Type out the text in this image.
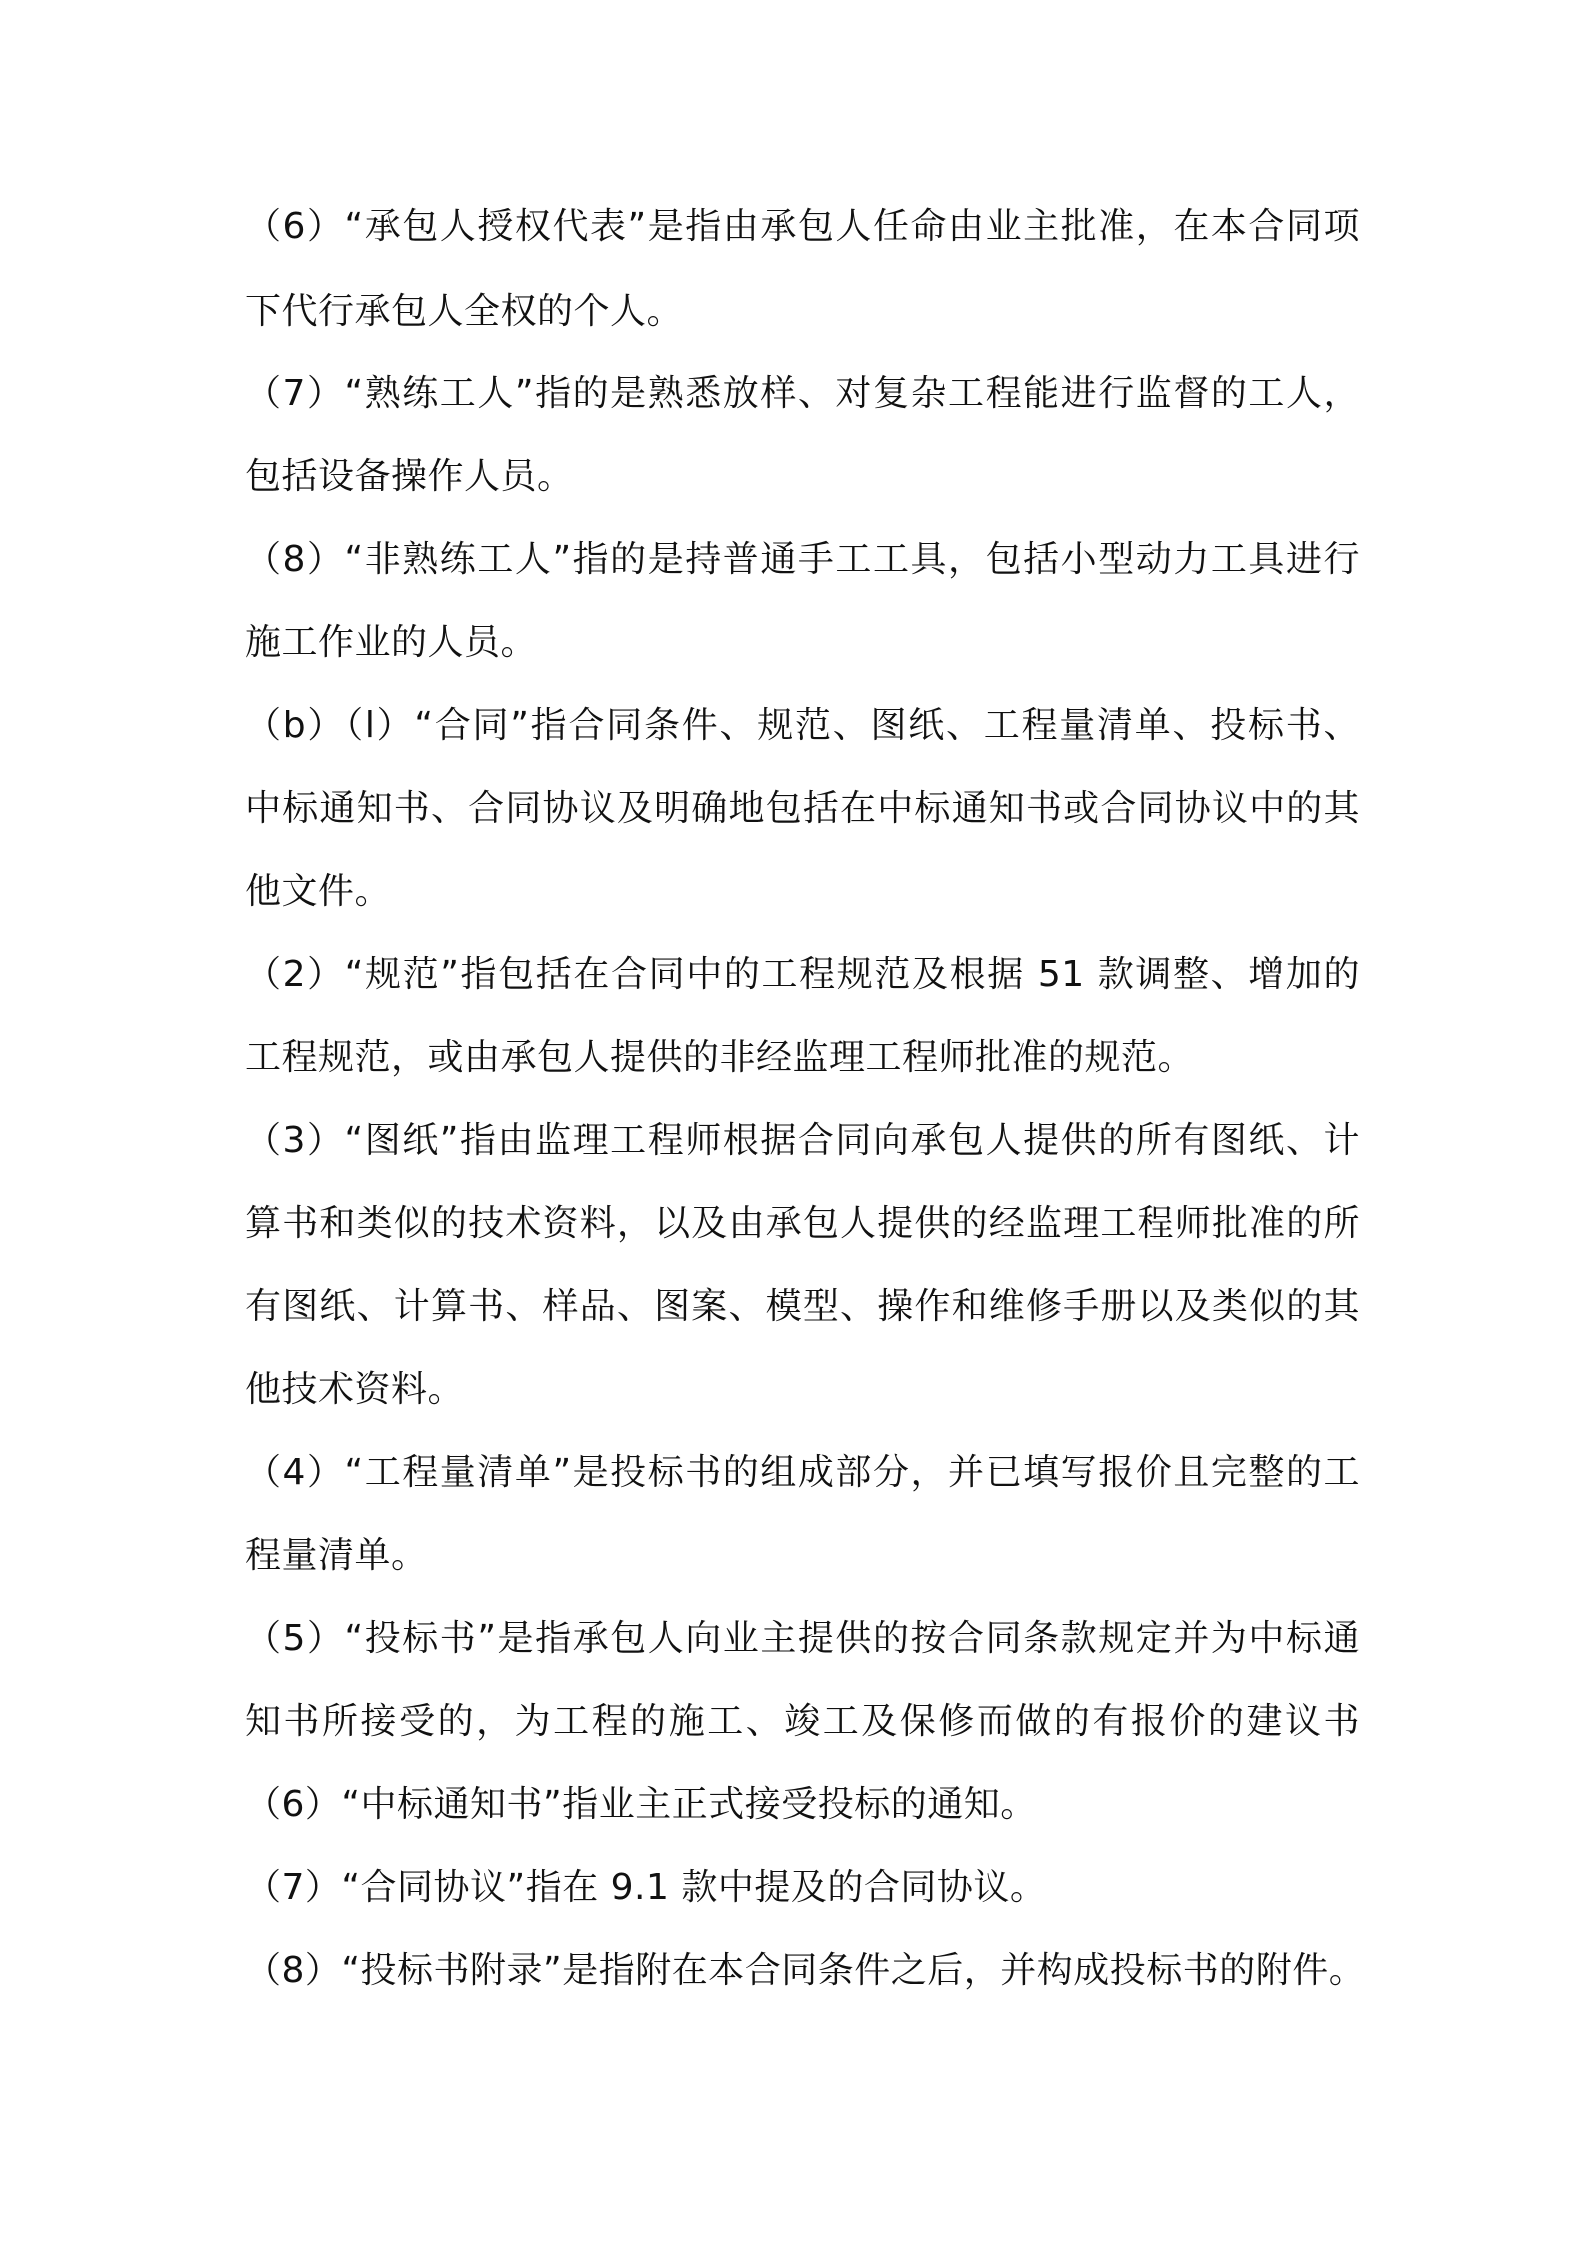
（6）“承包人授权代表”是指由承包人任命由业主批准，在本合同项

下代行承包人全权的个人。

（7）“熟练工人”指的是熟悉放样、对复杂工程能进行监督的工人，

包括设备操作人员。

（8）“非熟练工人”指的是持普通手工工具，包括小型动力工具进行

施工作业的人员。

（b）（l）“合同”指合同条件、规范、图纸、工程量清单、投标书、

中标通知书、合同协议及明确地包括在中标通知书或合同协议中的其

他文件。

（2）“规范”指包括在合同中的工程规范及根据 51 款调整、增加的

工程规范，或由承包人提供的非经监理工程师批准的规范。

（3）“图纸”指由监理工程师根据合同向承包人提供的所有图纸、计

算书和类似的技术资料，以及由承包人提供的经监理工程师批准的所

有图纸、计算书、样品、图案、模型、操作和维修手册以及类似的其

他技术资料。

（4）“工程量清单”是投标书的组成部分，并已填写报价且完整的工

程量清单。

（5）“投标书”是指承包人向业主提供的按合同条款规定并为中标通

知书所接受的，为工程的施工、竣工及保修而做的有报价的建议书

（6）“中标通知书”指业主正式接受投标的通知。

（7）“合同协议”指在 9.1 款中提及的合同协议。

（8）“投标书附录”是指附在本合同条件之后，并构成投标书的附件。
